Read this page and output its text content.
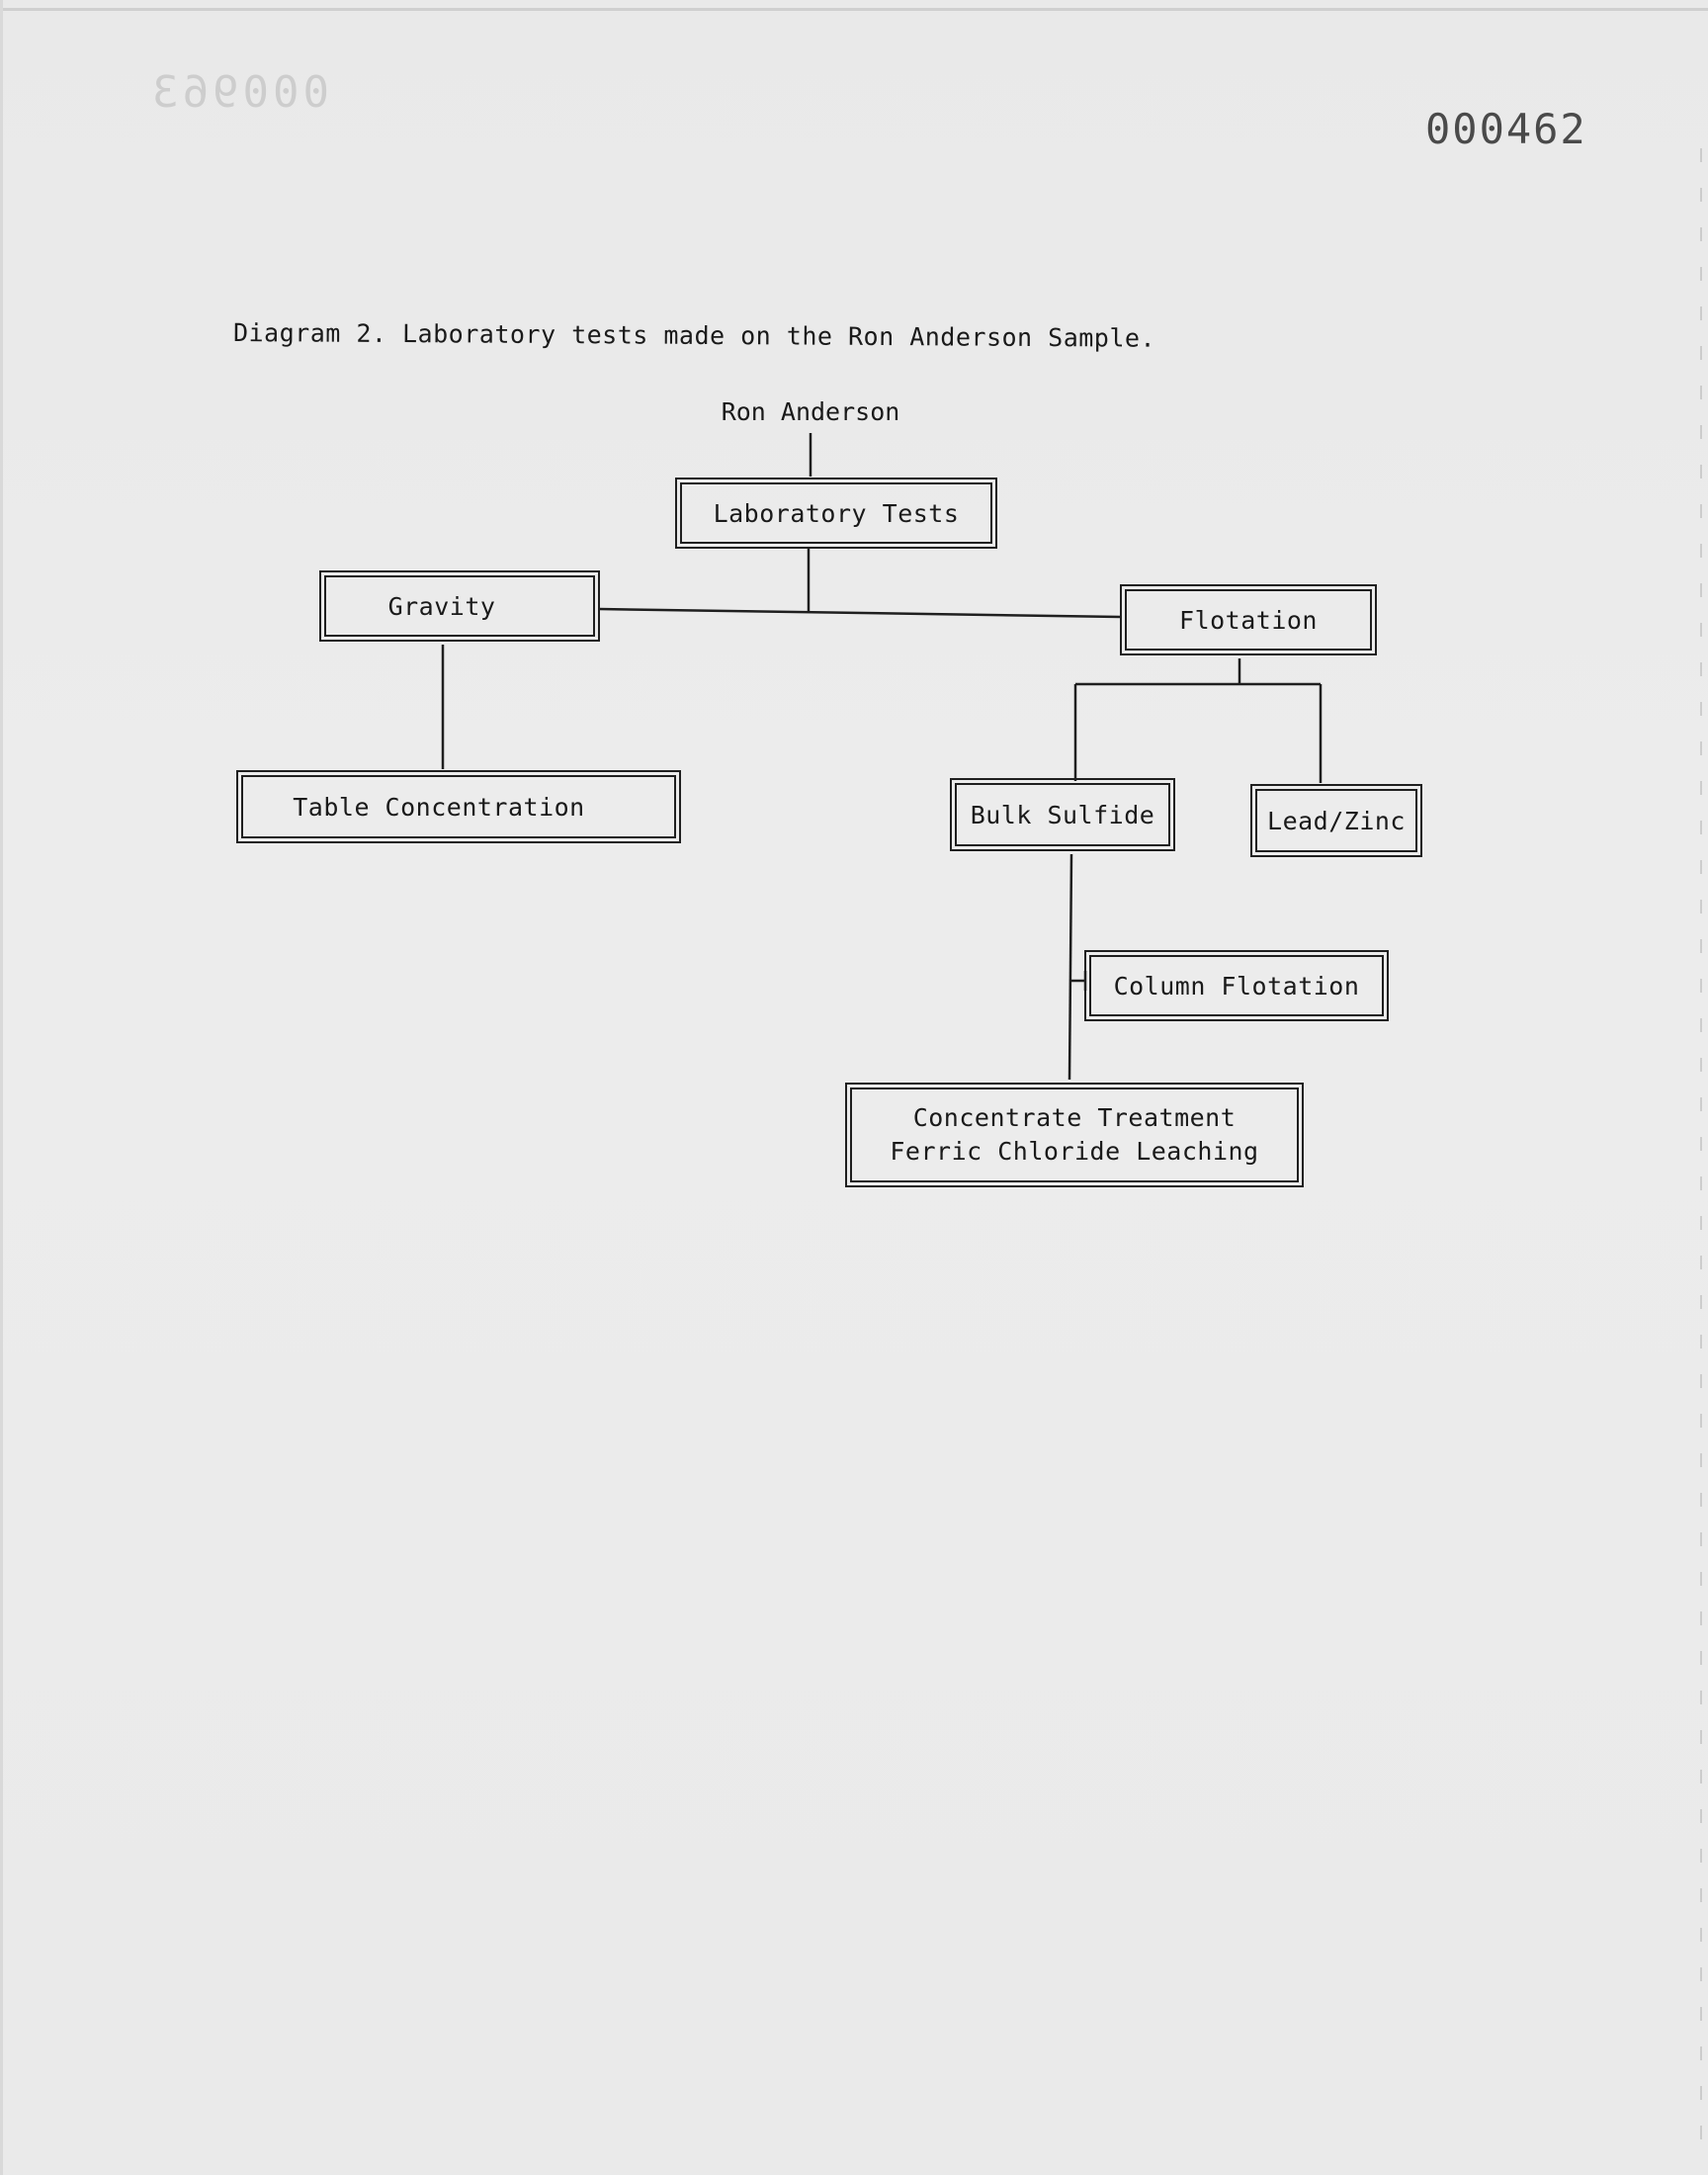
000963
000462
Diagram 2. Laboratory tests made on the Ron Anderson Sample.
Ron Anderson
Laboratory Tests
Gravity	Flotation
Table Concentration	Bulk Sulfide	Lead/Zinc
Column Flotation
Concentrate Treatment
Ferric Chloride Leaching
